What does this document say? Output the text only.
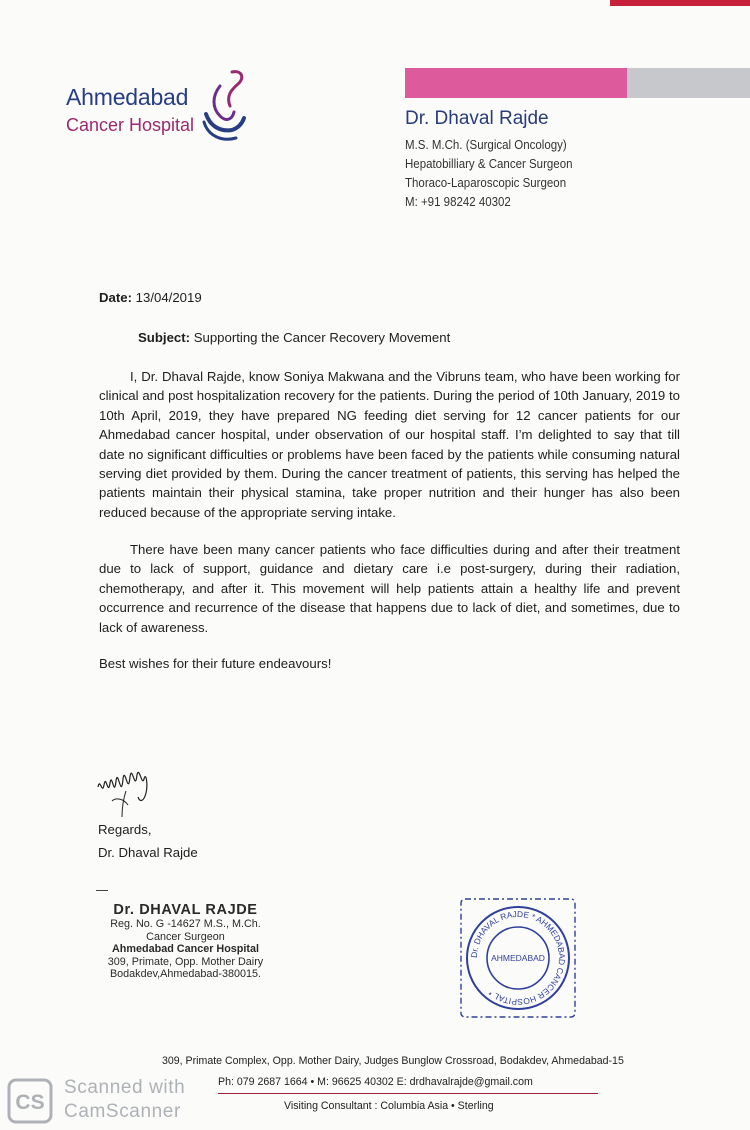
Ahmedabad
Cancer Hospital	Dr. Dhaval Rajde
M.S. M.Ch. (Surgical Oncology)
Hepatobilliary & Cancer Surgeon
Thoraco-Laparoscopic Surgeon
M: +91 98242 40302
Date: 13/04/2019
Subject: Supporting the Cancer Recovery Movement

I, Dr. Dhaval Rajde, know Soniya Makwana and the Vibruns team, who have been working for clinical and post hospitalization recovery for the patients. During the period of 10th January, 2019 to 10th April, 2019, they have prepared NG feeding diet serving for 12 cancer patients for our Ahmedabad cancer hospital, under observation of our hospital staff. I’m delighted to say that till date no significant difficulties or problems have been faced by the patients while consuming natural serving diet provided by them. During the cancer treatment of patients, this serving has helped the patients maintain their physical stamina, take proper nutrition and their hunger has also been reduced because of the appropriate serving intake.

There have been many cancer patients who face difficulties during and after their treatment due to lack of support, guidance and dietary care i.e post-surgery, during their radiation, chemotherapy, and after it. This movement will help patients attain a healthy life and prevent occurrence and recurrence of the disease that happens due to lack of diet, and sometimes, due to lack of awareness.

Best wishes for their future endeavours!
Regards,
Dr. Dhaval Rajde
Dr. DHAVAL RAJDE
Reg. No. G -14627 M.S., M.Ch.
Cancer Surgeon
Ahmedabad Cancer Hospital
309, Primate, Opp. Mother Dairy
Bodakdev,Ahmedabad-380015.
Dr. DHAVAL RAJDE * AHMEDABAD CANCER HOSPITAL *
AHMEDABAD
309, Primate Complex, Opp. Mother Dairy, Judges Bunglow Crossroad, Bodakdev, Ahmedabad-15
Ph: 079 2687 1664 • M: 96625 40302 E: drdhavalrajde@gmail.com
Visiting Consultant : Columbia Asia • Sterling
CS
Scanned with
CamScanner
